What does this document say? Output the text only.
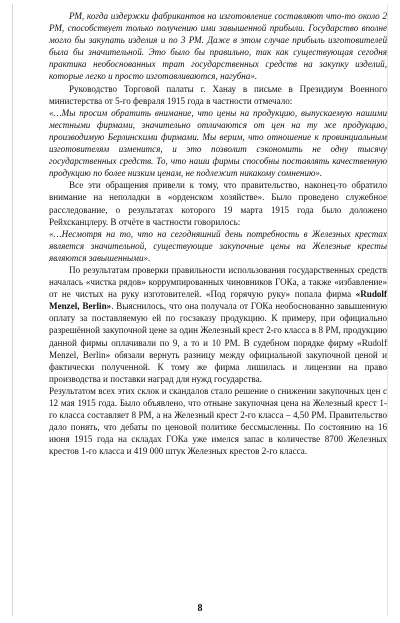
РМ, когда издержки фабрикантов на изготовление составляют что-то около 2 РМ, способствует только получению ими завышенной прибыли. Государство вполне могло бы закупать изделия и по 3 РМ. Даже в этом случае прибыль изготовителей была бы значительной. Это было бы правильно, так как существующая сегодня практика необоснованных трат государственных средств на закупку изделий, которые легко и просто изготавливаются, нагубна».

Руководство Торговой палаты г. Ханау в письме в Президиум Военного министерства от 5-го февраля 1915 года в частности отмечало:

«…Мы просим обратить внимание, что цены на продукцию, выпускаемую нашими местными фирмами, значительно отличаются от цен на ту же продукцию, производимую Берлинскими фирмами. Мы верим, что отношение к провинциальным изготовителям изменится, и это позволит сэкономить не одну тысячу государственных средств. То, что наши фирмы способны поставлять качественную продукцию по более низким ценам, не подлежит никакому сомнению».

Все эти обращения привели к тому, что правительство, наконец-то обратило внимание на неполадки в «орденском хозяйстве». Было проведено служебное расследование, о результатах которого 19 марта 1915 года было доложено Рейхсканцлеру. В отчёте в частности говорилось:

«…Несмотря на то, что на сегодняшний день потребность в Железных крестах является значительной, существующие закупочные цены на Железные кресты являются завышенными».

По результатам проверки правильности использования государственных средств началась «чистка рядов» коррумпированных чиновников ГОКа, а также «избавление» от не чистых на руку изготовителей. «Под горячую руку» попала фирма «Rudolf Menzel, Berlin». Выяснилось, что она получала от ГОКа необоснованно завышенную оплату за поставляемую ей по госзаказу продукцию. К примеру, при официально разрешённой закупочной цене за один Железный крест 2-го класса в 8 РМ, продукцию данной фирмы оплачивали по 9, а то и 10 РМ. В судебном порядке фирму «Rudolf Menzel, Berlin» обязали вернуть разницу между официальной закупочной ценой и фактически полученной. К тому же фирма лишилась и лицензии на право производства и поставки наград для нужд государства.

Результатом всех этих склок и скандалов стало решение о снижении закупочных цен с 12 мая 1915 года. Было объявлено, что отныне закупочная цена на Железный крест 1-го класса составляет 8 РМ, а на Железный крест 2-го класса – 4,50 РМ. Правительство дало понять, что дебаты по ценовой политике бессмысленны. По состоянию на 16 июня 1915 года на складах ГОКа уже имелся запас в количестве 8700 Железных крестов 1-го класса и 419 000 штук Железных крестов 2-го класса.

8
